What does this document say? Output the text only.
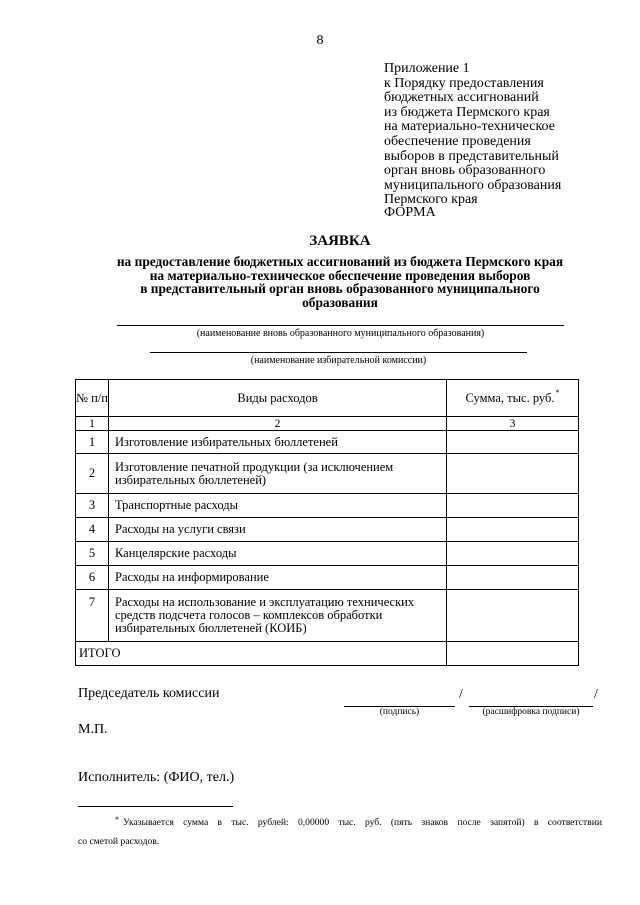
8
Приложение 1
к Порядку предоставления
бюджетных ассигнований
из бюджета Пермского края
на материально-техническое
обеспечение проведения
выборов в представительный
орган вновь образованного
муниципального образования
Пермского края
ФОРМА
ЗАЯВКА
на предоставление бюджетных ассигнований из бюджета Пермского края
на материально-техническое обеспечение проведения выборов
в представительный орган вновь образованного муниципального
образования
(наименование вновь образованного муниципального образования)
(наименование избирательной комиссии)
№ п/п	Виды расходов	Сумма, тыс. руб.*
1	2	3
1	Изготовление избирательных бюллетеней	
2	Изготовление печатной продукции (за исключением избирательных бюллетеней)	
3	Транспортные расходы	
4	Расходы на услуги связи	
5	Канцелярские расходы	
6	Расходы на информирование	
7	Расходы на использование и эксплуатацию технических средств подсчета голосов – комплексов обработки избирательных бюллетеней (КОИБ)	
ИТОГО		
Председатель комиссии	/	/
(подпись)	(расшифровка подписи)
М.П.
Исполнитель: (ФИО, тел.)
* Указывается сумма в тыс. рублей: 0,00000 тыс. руб. (пять знаков после запятой) в соответствии
со сметой расходов.
